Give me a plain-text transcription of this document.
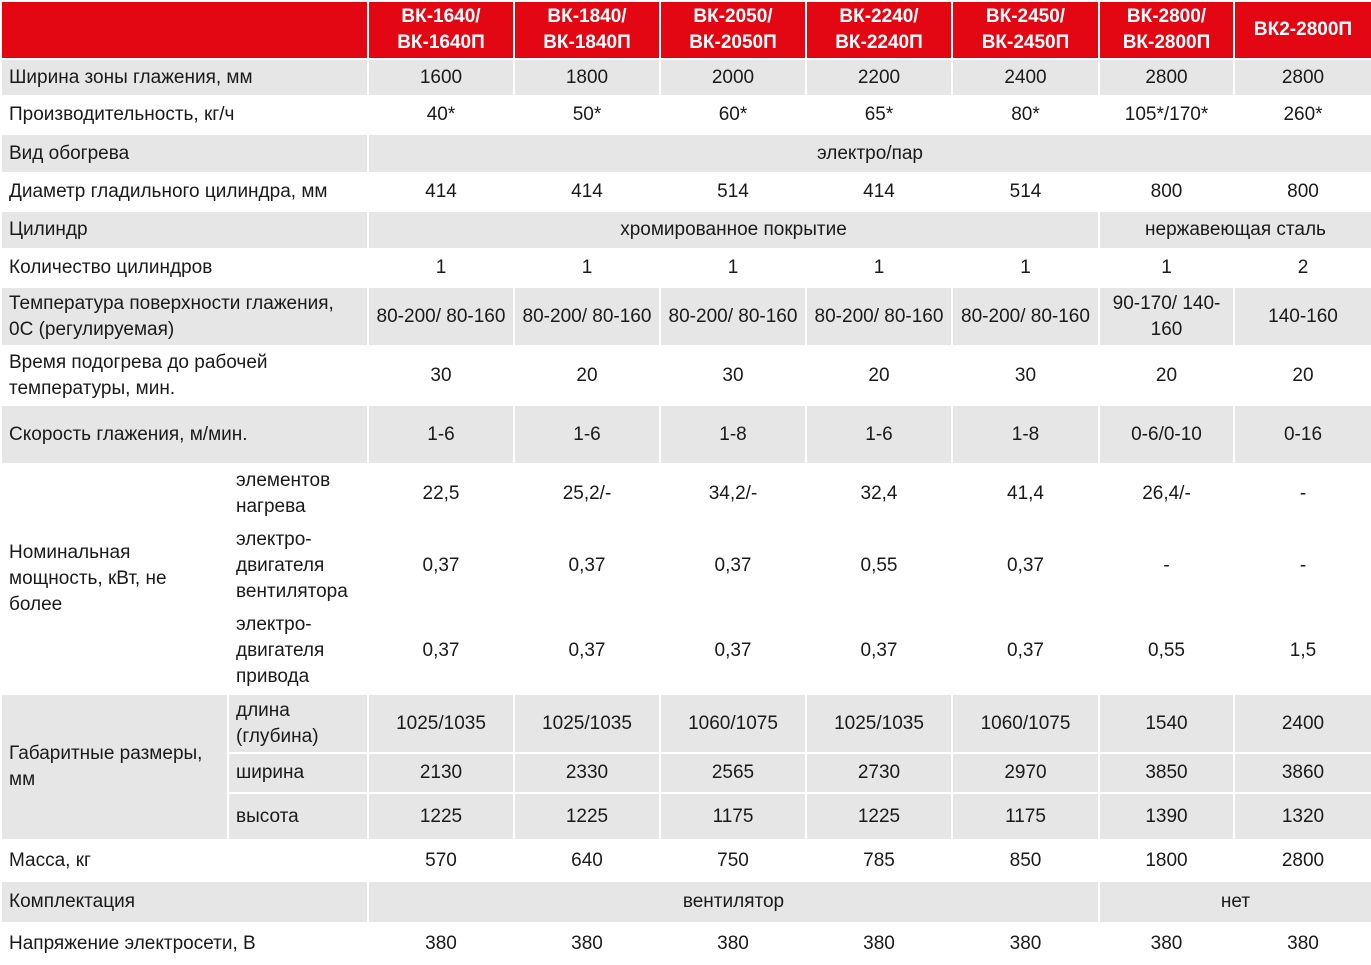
		ВК-1640/ ВК-1640П	ВК-1840/ ВК-1840П	ВК-2050/ ВК-2050П	ВК-2240/ ВК-2240П	ВК-2450/ ВК-2450П	ВК-2800/ ВК-2800П	ВК2-2800П
Ширина зоны глажения, мм		1600	1800	2000	2200	2400	2800	2800
Производительность, кг/ч		40*	50*	60*	65*	80*	105*/170*	260*
Вид обогрева		электро/пар						
Диаметр гладильного цилиндра, мм		414	414	514	414	514	800	800
Цилиндр		хромированное покрытие					нержавеющая сталь	
Количество цилиндров		1	1	1	1	1	1	2
Температура поверхности глажения, 0С (регулируемая)		80-200/ 80-160	80-200/ 80-160	80-200/ 80-160	80-200/ 80-160	80-200/ 80-160	90-170/ 140-160	140-160
Время подогрева до рабочей температуры, мин.		30	20	30	20	30	20	20
Скорость глажения, м/мин.		1-6	1-6	1-8	1-6	1-8	0-6/0-10	0-16
Номинальная мощность, кВт, не более	элементов нагрева	22,5	25,2/-	34,2/-	32,4	41,4	26,4/-	-
	электро- двигателя вентилятора	0,37	0,37	0,37	0,55	0,37	-	-
	электро- двигателя привода	0,37	0,37	0,37	0,37	0,37	0,55	1,5
Габаритные размеры, мм	длина (глубина)	1025/1035	1025/1035	1060/1075	1025/1035	1060/1075	1540	2400
	ширина	2130	2330	2565	2730	2970	3850	3860
	высота	1225	1225	1175	1225	1175	1390	1320
Масса, кг		570	640	750	785	850	1800	2800
Комплектация		вентилятор					нет	
Напряжение электросети, В		380	380	380	380	380	380	380
